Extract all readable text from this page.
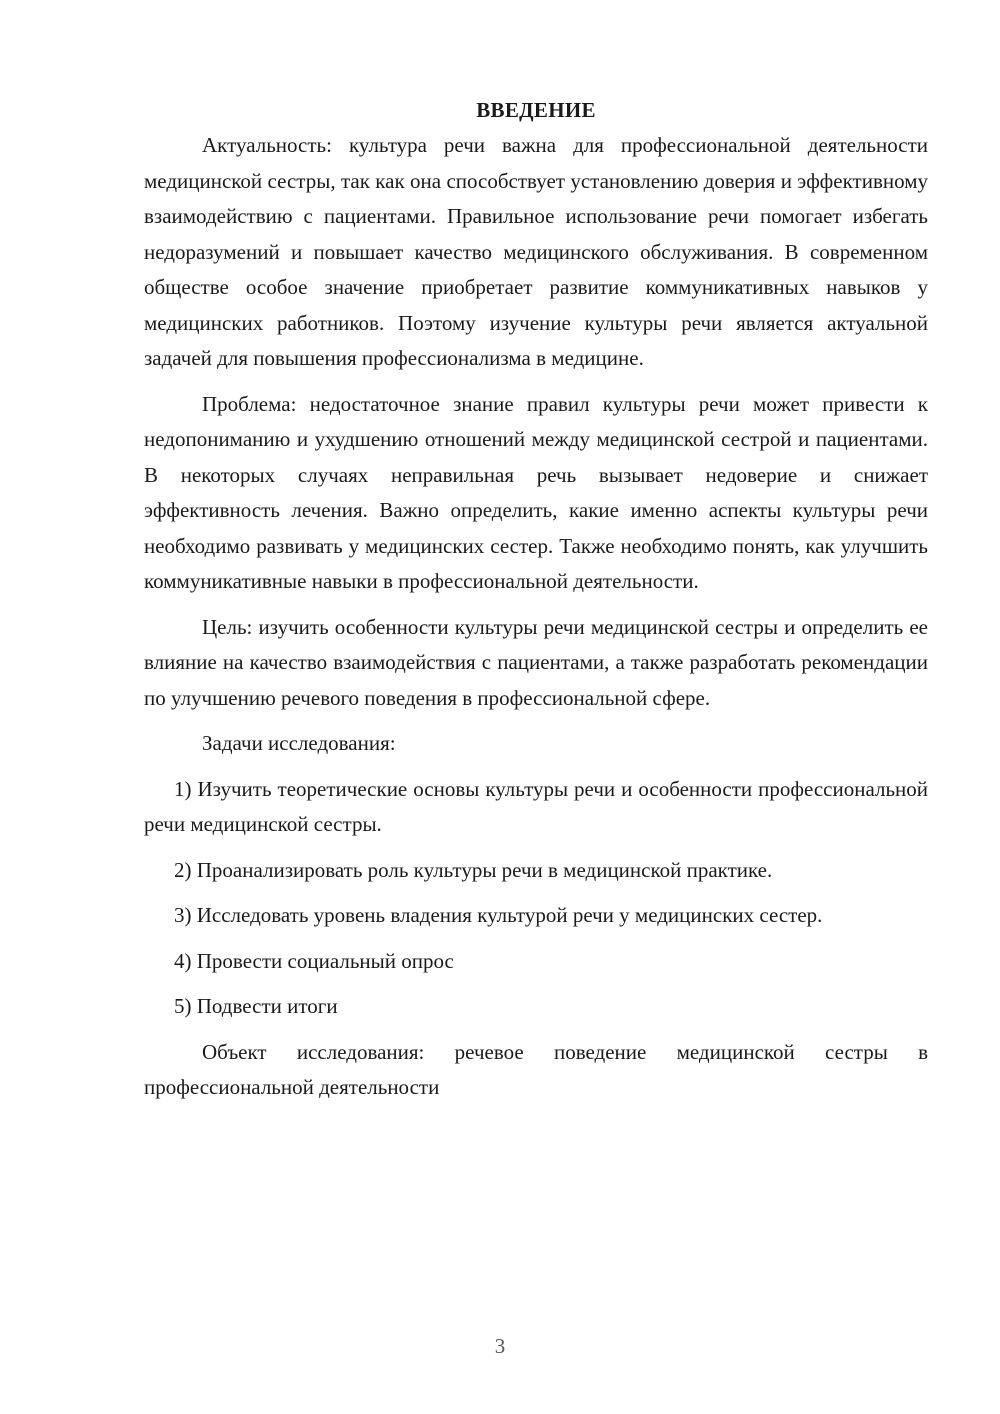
ВВЕДЕНИЕ

Актуальность: культура речи важна для профессиональной деятельности медицинской сестры, так как она способствует установлению доверия и эффективному взаимодействию с пациентами. Правильное использование речи помогает избегать недоразумений и повышает качество медицинского обслуживания. В современном обществе особое значение приобретает развитие коммуникативных навыков у медицинских работников. Поэтому изучение культуры речи является актуальной задачей для повышения профессионализма в медицине.

Проблема: недостаточное знание правил культуры речи может привести к недопониманию и ухудшению отношений между медицинской сестрой и пациентами. В некоторых случаях неправильная речь вызывает недоверие и снижает эффективность лечения. Важно определить, какие именно аспекты культуры речи необходимо развивать у медицинских сестер. Также необходимо понять, как улучшить коммуникативные навыки в профессиональной деятельности.

Цель: изучить особенности культуры речи медицинской сестры и определить ее влияние на качество взаимодействия с пациентами, а также разработать рекомендации по улучшению речевого поведения в профессиональной сфере.

Задачи исследования:

1) Изучить теоретические основы культуры речи и особенности профессиональной речи медицинской сестры.

2) Проанализировать роль культуры речи в медицинской практике.

3) Исследовать уровень владения культурой речи у медицинских сестер.

4) Провести социальный опрос

5) Подвести итоги

Объект исследования: речевое поведение медицинской сестры в профессиональной деятельности

3
